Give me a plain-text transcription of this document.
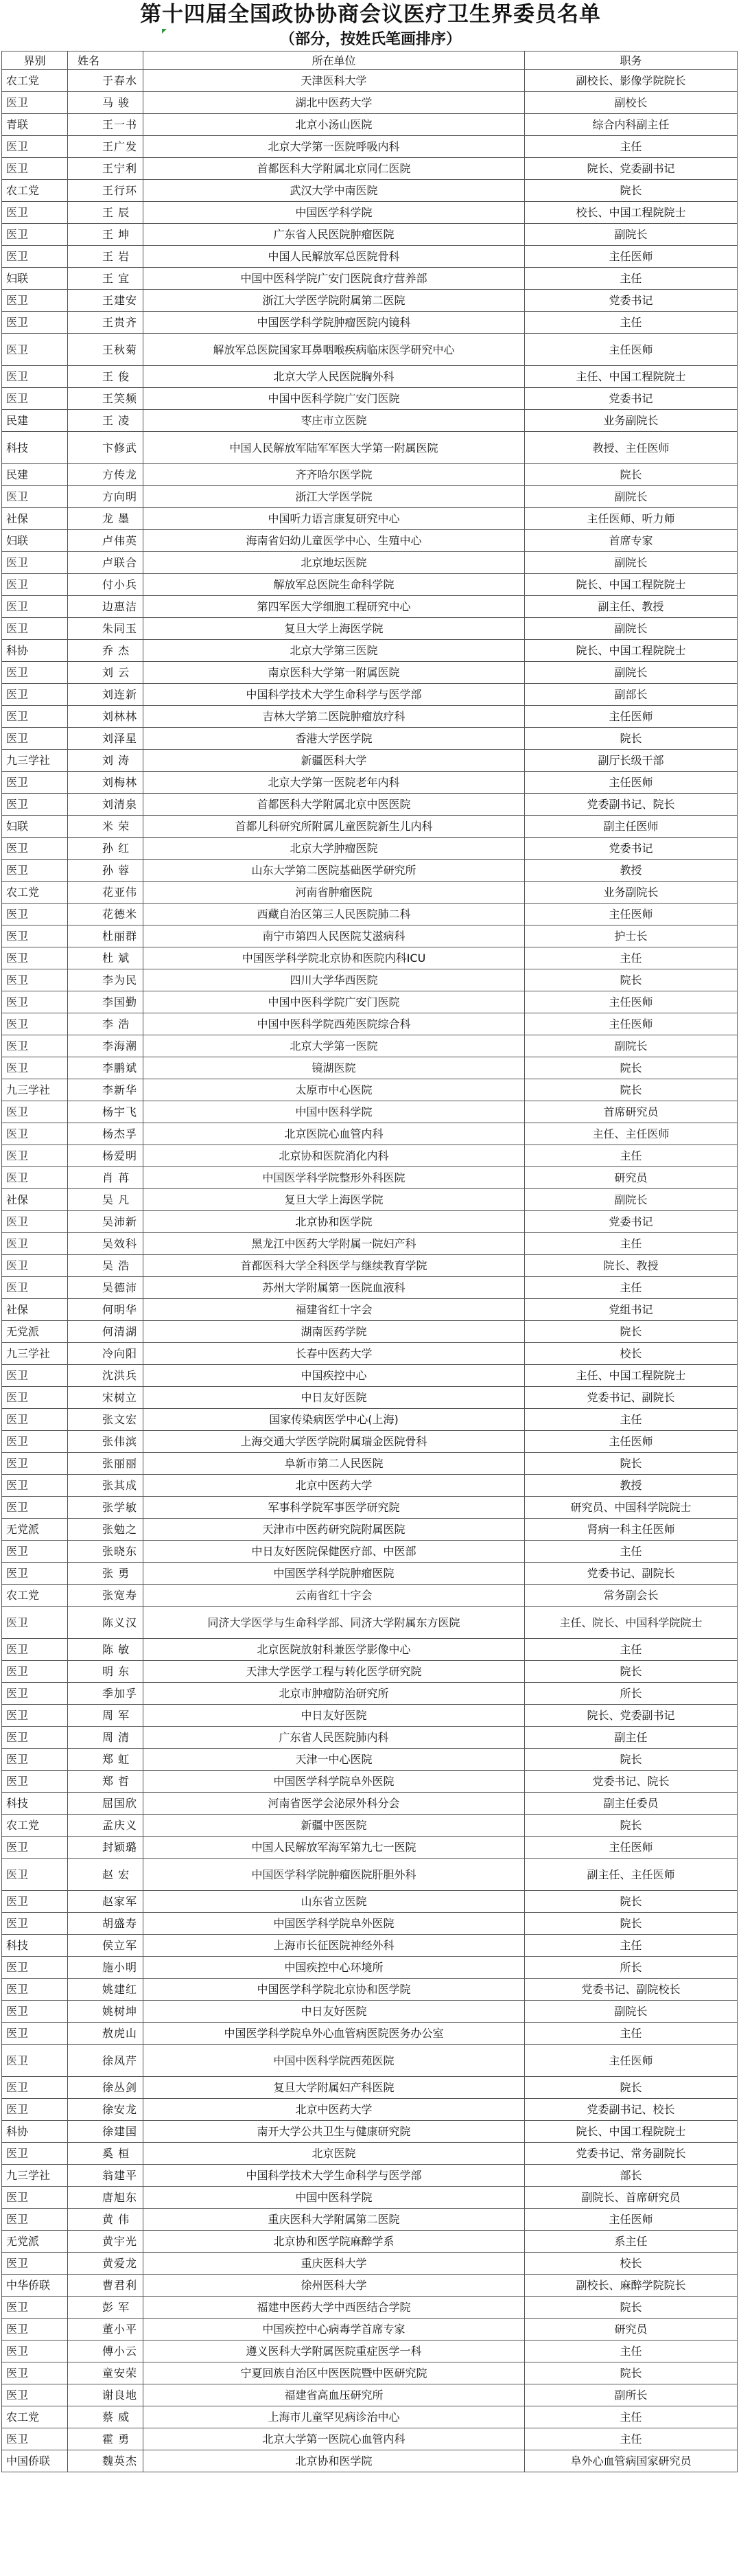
第十四届全国政协协商会议医疗卫生界委员名单
（部分，按姓氏笔画排序）
界别	姓名	所在单位	职务
农工党	于春水	天津医科大学	副校长、影像学院院长
医卫	马 骏	湖北中医药大学	副校长
青联	王一书	北京小汤山医院	综合内科副主任
医卫	王广发	北京大学第一医院呼吸内科	主任
医卫	王宁利	首都医科大学附属北京同仁医院	院长、党委副书记
农工党	王行环	武汉大学中南医院	院长
医卫	王 辰	中国医学科学院	校长、中国工程院院士
医卫	王 坤	广东省人民医院肿瘤医院	副院长
医卫	王 岩	中国人民解放军总医院骨科	主任医师
妇联	王 宜	中国中医科学院广安门医院食疗营养部	主任
医卫	王建安	浙江大学医学院附属第二医院	党委书记
医卫	王贵齐	中国医学科学院肿瘤医院内镜科	主任
医卫	王秋菊	解放军总医院国家耳鼻咽喉疾病临床医学研究中心	主任医师
医卫	王 俊	北京大学人民医院胸外科	主任、中国工程院院士
医卫	王笑频	中国中医科学院广安门医院	党委书记
民建	王 凌	枣庄市立医院	业务副院长
科技	卞修武	中国人民解放军陆军军医大学第一附属医院	教授、主任医师
民建	方传龙	齐齐哈尔医学院	院长
医卫	方向明	浙江大学医学院	副院长
社保	龙 墨	中国听力语言康复研究中心	主任医师、听力师
妇联	卢伟英	海南省妇幼儿童医学中心、生殖中心	首席专家
医卫	卢联合	北京地坛医院	副院长
医卫	付小兵	解放军总医院生命科学院	院长、中国工程院院士
医卫	边惠洁	第四军医大学细胞工程研究中心	副主任、教授
医卫	朱同玉	复旦大学上海医学院	副院长
科协	乔 杰	北京大学第三医院	院长、中国工程院院士
医卫	刘 云	南京医科大学第一附属医院	副院长
医卫	刘连新	中国科学技术大学生命科学与医学部	副部长
医卫	刘林林	吉林大学第二医院肿瘤放疗科	主任医师
医卫	刘泽星	香港大学医学院	院长
九三学社	刘 涛	新疆医科大学	副厅长级干部
医卫	刘梅林	北京大学第一医院老年内科	主任医师
医卫	刘清泉	首都医科大学附属北京中医医院	党委副书记、院长
妇联	米 荣	首都儿科研究所附属儿童医院新生儿内科	副主任医师
医卫	孙 红	北京大学肿瘤医院	党委书记
医卫	孙 蓉	山东大学第二医院基础医学研究所	教授
农工党	花亚伟	河南省肿瘤医院	业务副院长
医卫	花德米	西藏自治区第三人民医院肺二科	主任医师
医卫	杜丽群	南宁市第四人民医院艾滋病科	护士长
医卫	杜 斌	中国医学科学院北京协和医院内科ICU	主任
医卫	李为民	四川大学华西医院	院长
医卫	李国勤	中国中医科学院广安门医院	主任医师
医卫	李 浩	中国中医科学院西苑医院综合科	主任医师
医卫	李海潮	北京大学第一医院	副院长
医卫	李鹏斌	镜湖医院	院长
九三学社	李新华	太原市中心医院	院长
医卫	杨宇飞	中国中医科学院	首席研究员
医卫	杨杰孚	北京医院心血管内科	主任、主任医师
医卫	杨爱明	北京协和医院消化内科	主任
医卫	肖 苒	中国医学科学院整形外科医院	研究员
社保	吴 凡	复旦大学上海医学院	副院长
医卫	吴沛新	北京协和医学院	党委书记
医卫	吴效科	黑龙江中医药大学附属一院妇产科	主任
医卫	吴 浩	首都医科大学全科医学与继续教育学院	院长、教授
医卫	吴德沛	苏州大学附属第一医院血液科	主任
社保	何明华	福建省红十字会	党组书记
无党派	何清湖	湖南医药学院	院长
九三学社	冷向阳	长春中医药大学	校长
医卫	沈洪兵	中国疾控中心	主任、中国工程院院士
医卫	宋树立	中日友好医院	党委书记、副院长
医卫	张文宏	国家传染病医学中心(上海)	主任
医卫	张伟滨	上海交通大学医学院附属瑞金医院骨科	主任医师
医卫	张丽丽	阜新市第二人民医院	院长
医卫	张其成	北京中医药大学	教授
医卫	张学敏	军事科学院军事医学研究院	研究员、中国科学院院士
无党派	张勉之	天津市中医药研究院附属医院	肾病一科主任医师
医卫	张晓东	中日友好医院保健医疗部、中医部	主任
医卫	张 勇	中国医学科学院肿瘤医院	党委书记、副院长
农工党	张宽寿	云南省红十字会	常务副会长
医卫	陈义汉	同济大学医学与生命科学部、同济大学附属东方医院	主任、院长、中国科学院院士
医卫	陈 敏	北京医院放射科兼医学影像中心	主任
医卫	明 东	天津大学医学工程与转化医学研究院	院长
医卫	季加孚	北京市肿瘤防治研究所	所长
医卫	周 军	中日友好医院	院长、党委副书记
医卫	周 清	广东省人民医院肺内科	副主任
医卫	郑 虹	天津一中心医院	院长
医卫	郑 哲	中国医学科学院阜外医院	党委书记、院长
科技	屈国欣	河南省医学会泌尿外科分会	副主任委员
农工党	孟庆义	新疆中医医院	院长
医卫	封颖璐	中国人民解放军海军第九七一医院	主任医师
医卫	赵 宏	中国医学科学院肿瘤医院肝胆外科	副主任、主任医师
医卫	赵家军	山东省立医院	院长
医卫	胡盛寿	中国医学科学院阜外医院	院长
科技	侯立军	上海市长征医院神经外科	主任
医卫	施小明	中国疾控中心环境所	所长
医卫	姚建红	中国医学科学院北京协和医学院	党委书记、副院校长
医卫	姚树坤	中日友好医院	副院长
医卫	敖虎山	中国医学科学院阜外心血管病医院医务办公室	主任
医卫	徐凤芹	中国中医科学院西苑医院	主任医师
医卫	徐丛剑	复旦大学附属妇产科医院	院长
医卫	徐安龙	北京中医药大学	党委副书记、校长
科协	徐建国	南开大学公共卫生与健康研究院	院长、中国工程院院士
医卫	奚 桓	北京医院	党委书记、常务副院长
九三学社	翁建平	中国科学技术大学生命科学与医学部	部长
医卫	唐旭东	中国中医科学院	副院长、首席研究员
医卫	黄 伟	重庆医科大学附属第二医院	主任医师
无党派	黄宇光	北京协和医学院麻醉学系	系主任
医卫	黄爱龙	重庆医科大学	校长
中华侨联	曹君利	徐州医科大学	副校长、麻醉学院院长
医卫	彭 军	福建中医药大学中西医结合学院	院长
医卫	董小平	中国疾控中心病毒学首席专家	研究员
医卫	傅小云	遵义医科大学附属医院重症医学一科	主任
医卫	童安荣	宁夏回族自治区中医医院暨中医研究院	院长
医卫	谢良地	福建省高血压研究所	副所长
农工党	蔡 威	上海市儿童罕见病诊治中心	主任
医卫	霍 勇	北京大学第一医院心血管内科	主任
中国侨联	魏英杰	北京协和医学院	阜外心血管病国家研究员
